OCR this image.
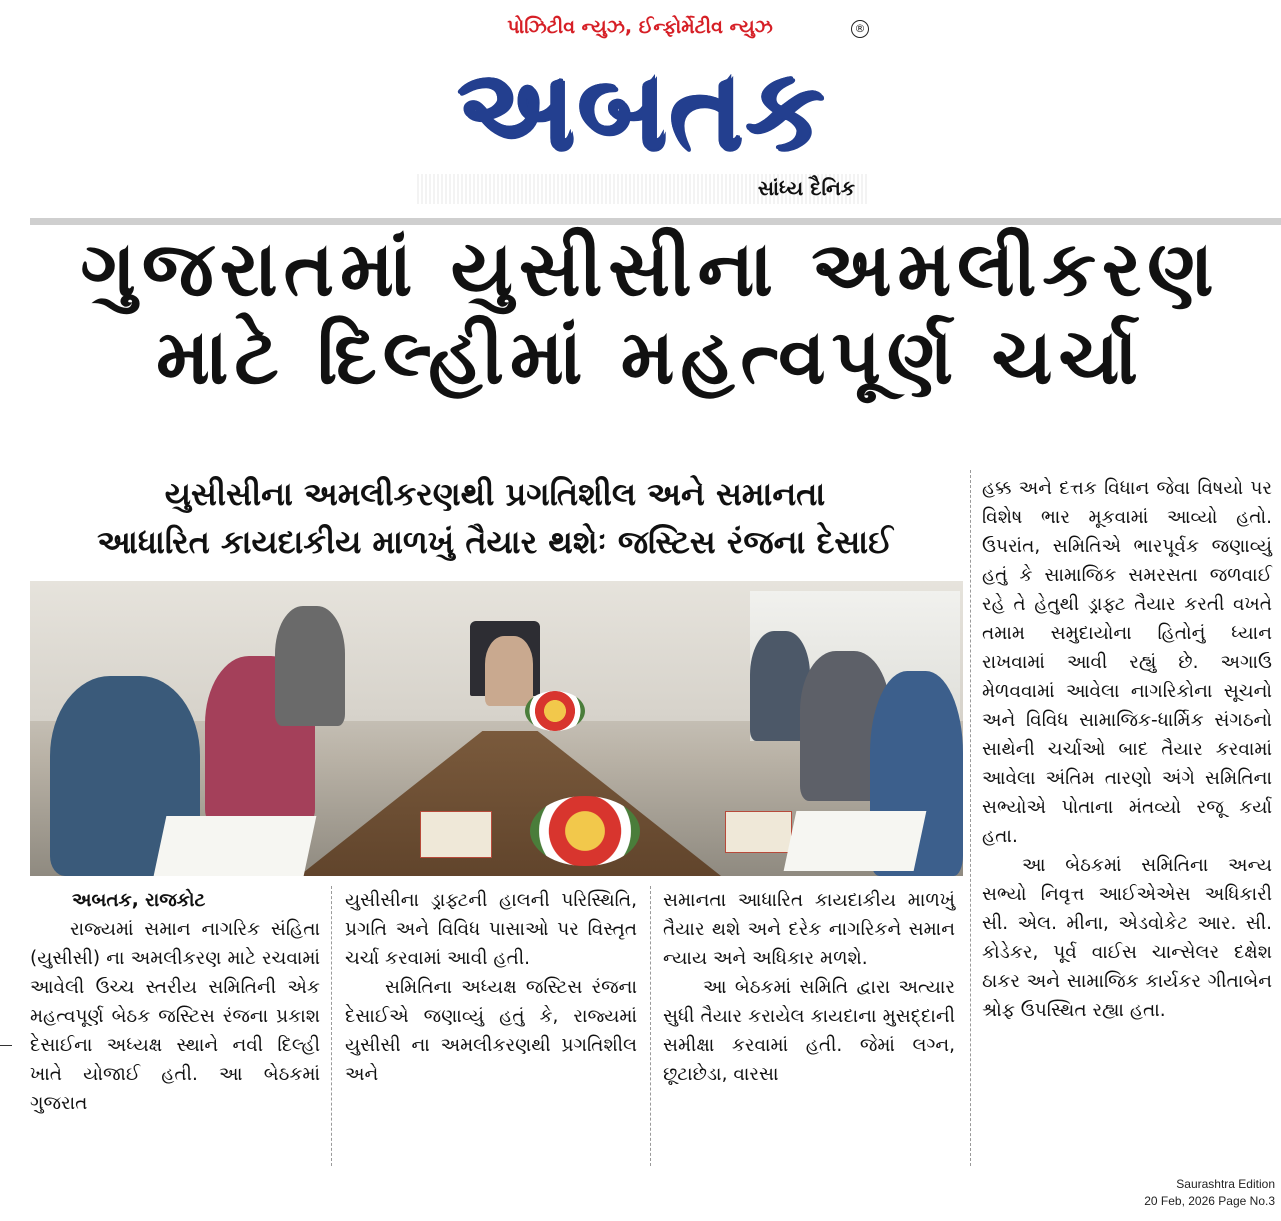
પોઝિટીવ ન્યુઝ, ઈન્ફોર્મેટીવ ન્યુઝ	®
અબતક
સાંધ્ય દૈનિક
ગુજરાતમાં યુસીસીના અમલીકરણ
માટે દિલ્હીમાં મહત્વપૂર્ણ ચર્ચા
યુસીસીના અમલીકરણથી પ્રગતિશીલ અને સમાનતા
આધારિત કાયદાકીય માળખું તૈયાર થશેઃ જસ્ટિસ રંજના દેસાઈ

અબતક, રાજકોટ

રાજ્યમાં સમાન નાગરિક સંહિતા (યુસીસી) ના અમલીકરણ માટે રચવામાં આવેલી ઉચ્ચ સ્તરીય સમિતિની એક મહત્વપૂર્ણ બેઠક જસ્ટિસ રંજના પ્રકાશ દેસાઈના અધ્યક્ષ સ્થાને નવી દિલ્હી ખાતે યોજાઈ હતી. આ બેઠકમાં ગુજરાત

યુસીસીના ડ્રાફ્ટની હાલની પરિસ્થિતિ, પ્રગતિ અને વિવિધ પાસાઓ પર વિસ્તૃત ચર્ચા કરવામાં આવી હતી.

સમિતિના અધ્યક્ષ જસ્ટિસ રંજના દેસાઈએ જણાવ્યું હતું કે, રાજ્યમાં યુસીસી ના અમલીકરણથી પ્રગતિશીલ અને

સમાનતા આધારિત કાયદાકીય માળખું તૈયાર થશે અને દરેક નાગરિકને સમાન ન્યાય અને અધિકાર મળશે.

આ બેઠકમાં સમિતિ દ્વારા અત્યાર સુધી તૈયાર કરાયેલ કાયદાના મુસદ્દાની સમીક્ષા કરવામાં હતી. જેમાં લગ્ન, છૂટાછેડા, વારસા

હક્ક અને દત્તક વિધાન જેવા વિષયો પર વિશેષ ભાર મૂકવામાં આવ્યો હતો. ઉપરાંત, સમિતિએ ભારપૂર્વક જણાવ્યું હતું કે સામાજિક સમરસતા જળવાઈ રહે તે હેતુથી ડ્રાફ્ટ તૈયાર કરતી વખતે તમામ સમુદાયોના હિતોનું ધ્યાન રાખવામાં આવી રહ્યું છે. અગાઉ મેળવવામાં આવેલા નાગરિકોના સૂચનો અને વિવિધ સામાજિક-ધાર્મિક સંગઠનો સાથેની ચર્ચાઓ બાદ તૈયાર કરવામાં આવેલા અંતિમ તારણો અંગે સમિતિના સભ્યોએ પોતાના મંતવ્યો રજૂ કર્યા હતા.

આ બેઠકમાં સમિતિના અન્ય સભ્યો નિવૃત્ત આઈએએસ અધિકારી સી. એલ. મીના, એડવોકેટ આર. સી. કોડેકર, પૂર્વ વાઈસ ચાન્સેલર દક્ષેશ ઠાકર અને સામાજિક કાર્યકર ગીતાબેન શ્રોફ ઉપસ્થિત રહ્યા હતા.

Saurashtra Edition
20 Feb, 2026 Page No.3
